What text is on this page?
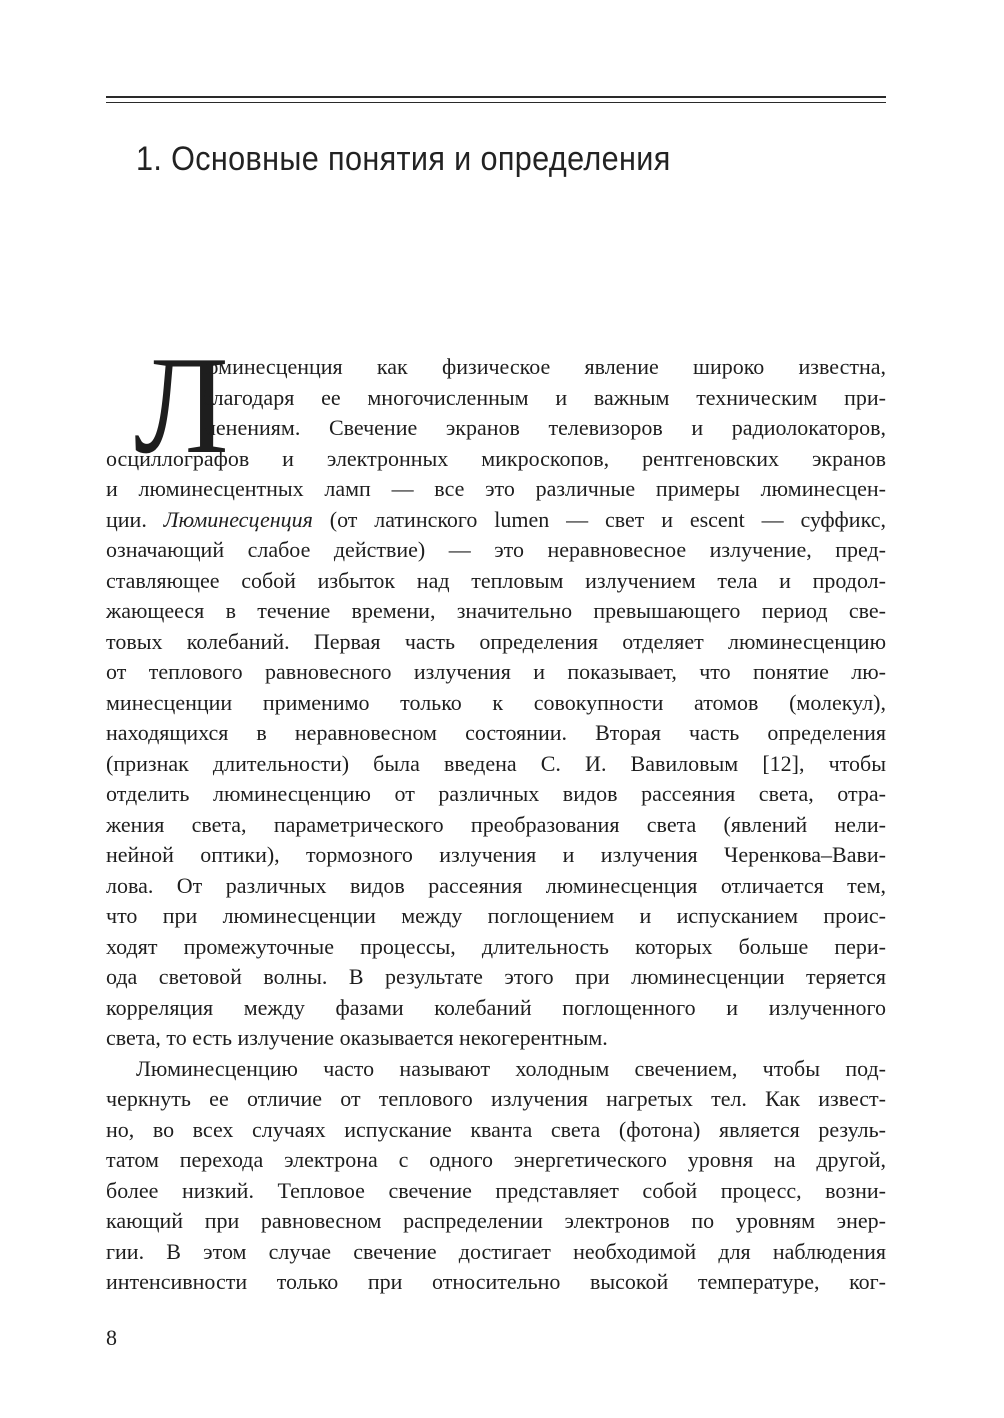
1. Основные понятия и определения
Л
юминесценция как физическое явление широко известна,
благодаря ее многочисленным и важным техническим при-
менениям. Свечение экранов телевизоров и радиолокаторов,
осциллографов и электронных микроскопов, рентгеновских экранов
и люминесцентных ламп — все это различные примеры люминесцен-
ции. Люминесценция (от латинского lumen — свет и escent — суффикс,
означающий слабое действие) — это неравновесное излучение, пред-
ставляющее собой избыток над тепловым излучением тела и продол-
жающееся в течение времени, значительно превышающего период све-
товых колебаний. Первая часть определения отделяет люминесценцию
от теплового равновесного излучения и показывает, что понятие лю-
минесценции применимо только к совокупности атомов (молекул),
находящихся в неравновесном состоянии. Вторая часть определения
(признак длительности) была введена С. И. Вавиловым [12], чтобы
отделить люминесценцию от различных видов рассеяния света, отра-
жения света, параметрического преобразования света (явлений нели-
нейной оптики), тормозного излучения и излучения Черенкова–Вави-
лова. От различных видов рассеяния люминесценция отличается тем,
что при люминесценции между поглощением и испусканием проис-
ходят промежуточные процессы, длительность которых больше пери-
ода световой волны. В результате этого при люминесценции теряется
корреляция между фазами колебаний поглощенного и излученного
света, то есть излучение оказывается некогерентным.
Люминесценцию часто называют холодным свечением, чтобы под-
черкнуть ее отличие от теплового излучения нагретых тел. Как извест-
но, во всех случаях испускание кванта света (фотона) является резуль-
татом перехода электрона с одного энергетического уровня на другой,
более низкий. Тепловое свечение представляет собой процесс, возни-
кающий при равновесном распределении электронов по уровням энер-
гии. В этом случае свечение достигает необходимой для наблюдения
интенсивности только при относительно высокой температуре, ког-
8
